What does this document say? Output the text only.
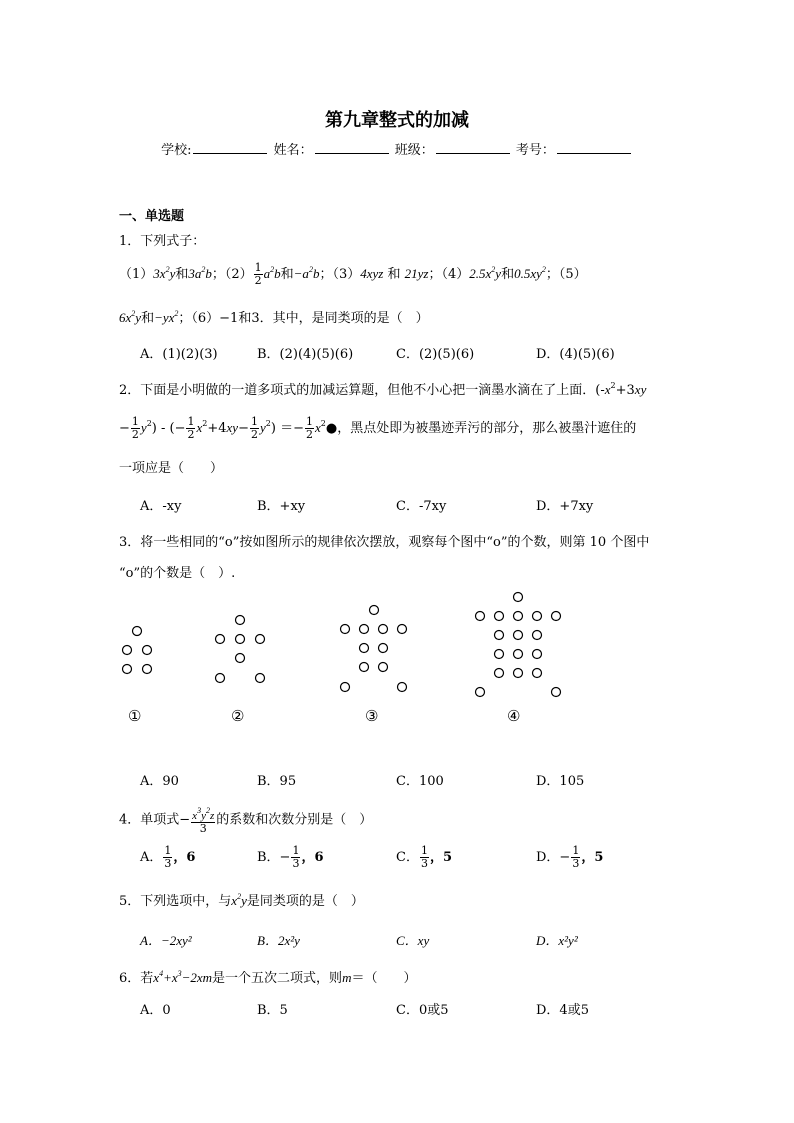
第九章整式的加减
学校:	姓名：	班级：	考号：
一、单选题
1．下列式子：
$(1)3x^2y$和$3a^2b$；$(2) \frac{1}{2} a^2b$和$-a^2b$；（3）4xyz 和 21yz；$(4)2.5x^2y$和$0.5xy^2$；（5）
$6x^2y$和$-yx^2$；（6）−1和3．其中，是同类项的是（　）
A．(1)(2)(3)	B．(2)(4)(5)(6)	C．(2)(5)(6)	D．(4)(5)(6)
2．下面是小明做的一道多项式的加减运算题，但他不小心把一滴墨水滴在了上面．($-x^2+3xy$
− $\frac{1}{2} y^2$) - (− $\frac{1}{2} x^2+4xy- \frac{1}{2} y^2) =- \frac{1}{2}$ $x^2●$，黑点处即为被墨迹弄污的部分，那么被墨汁遮住的
一项应是（　　）
A．-xy	B．+xy	C．-7xy	D．+7xy
3．将一些相同的“o”按如图所示的规律依次摆放，观察每个图中“o”的个数，则第 10 个图中
“o”的个数是（　）.
①	②	③	④
A．90	B．95	C．100	D．105
4．单项式− $\frac{x^3y^2z}{3}$ 的系数和次数分别是（　）
A． $\frac{1}{3}$ ，6	B．− $\frac{1}{3}$ ，6	C． $\frac{1}{3}$ ，5	D．− $\frac{1}{3}$ ，5
5．下列选项中，与$x^2y$是同类项的是（　）
A．−2xy²	B．2x²y	C．xy	D．x²y²
6．若$x^4+x^3-2xm$是一个五次二项式，则m＝（　　）
A．0	B．5	C．0或5	D．4或5
